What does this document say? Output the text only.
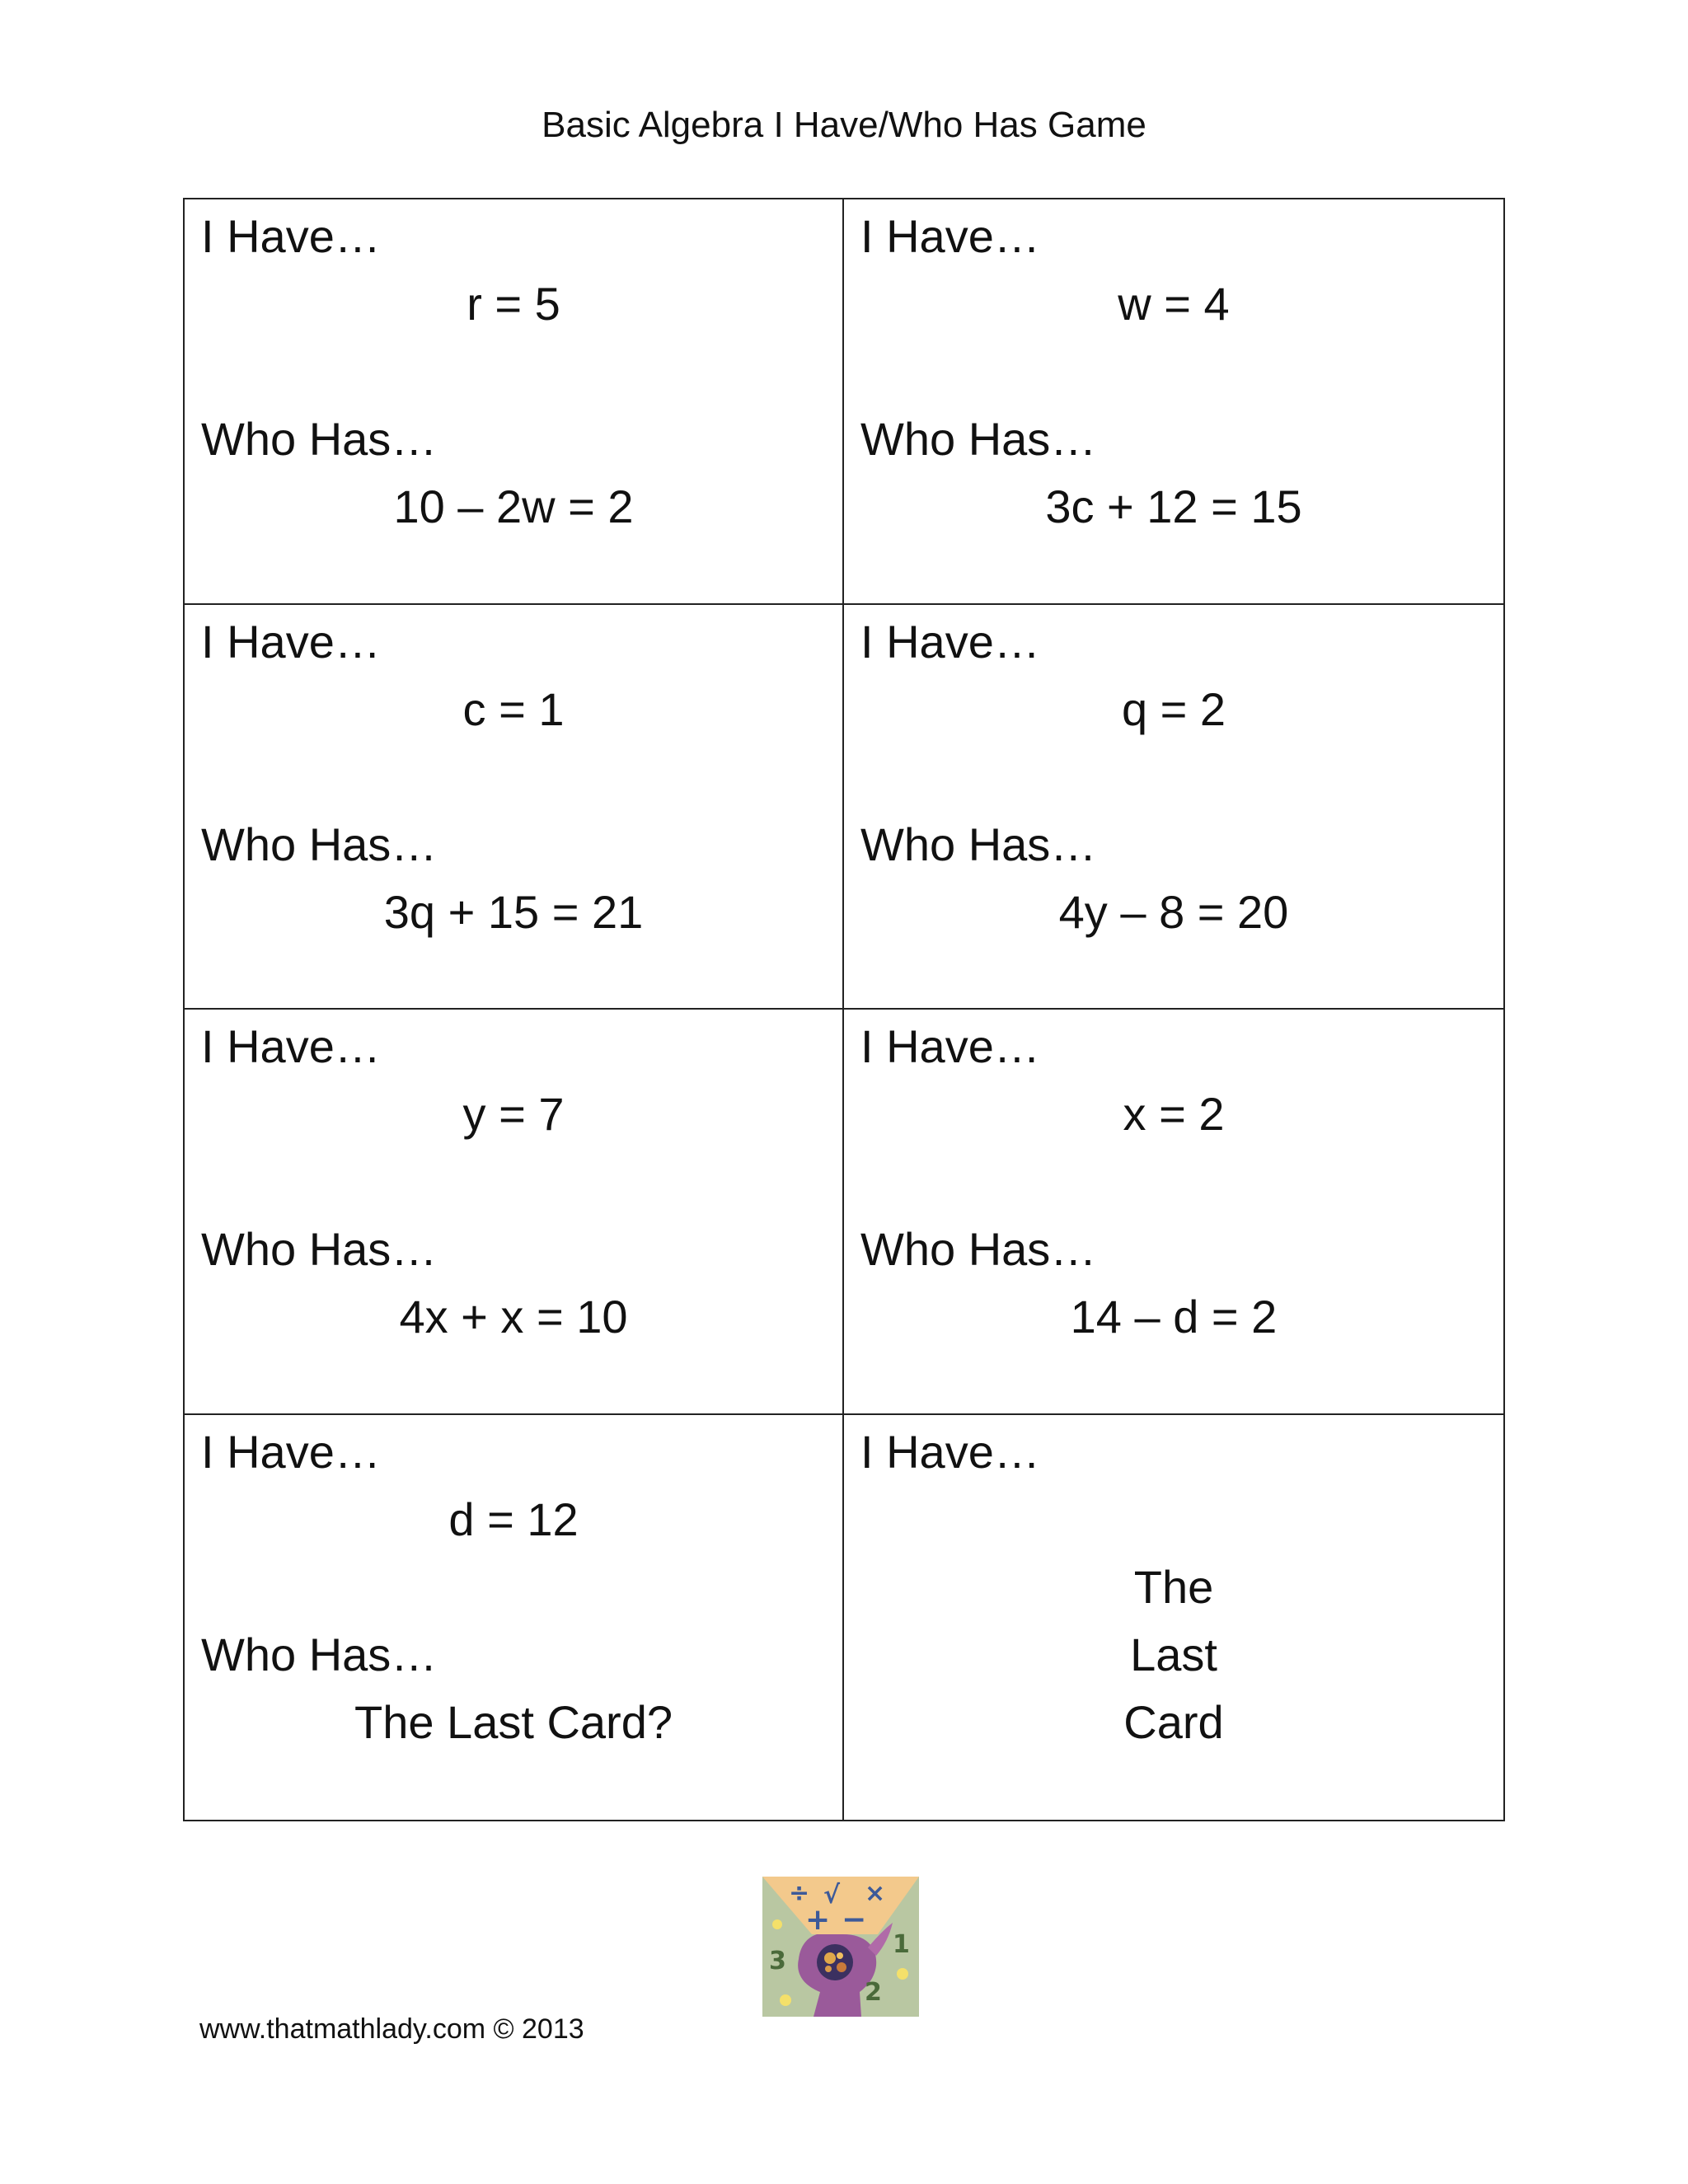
Basic Algebra I Have/Who Has Game
I Have…
r = 5
Who Has…
10 – 2w = 2
I Have…
w = 4
Who Has…
3c + 12 = 15
I Have…
c = 1
Who Has…
3q + 15 = 21
I Have…
q = 2
Who Has…
4y – 8 = 20
I Have…
y = 7
Who Has…
4x + x = 10
I Have…
x = 2
Who Has…
14 – d = 2
I Have…
d = 12
Who Has…
The Last Card?
I Have…
The
Last
Card
÷ √ ×
+ −
3
1
2
www.thatmathlady.com © 2013
